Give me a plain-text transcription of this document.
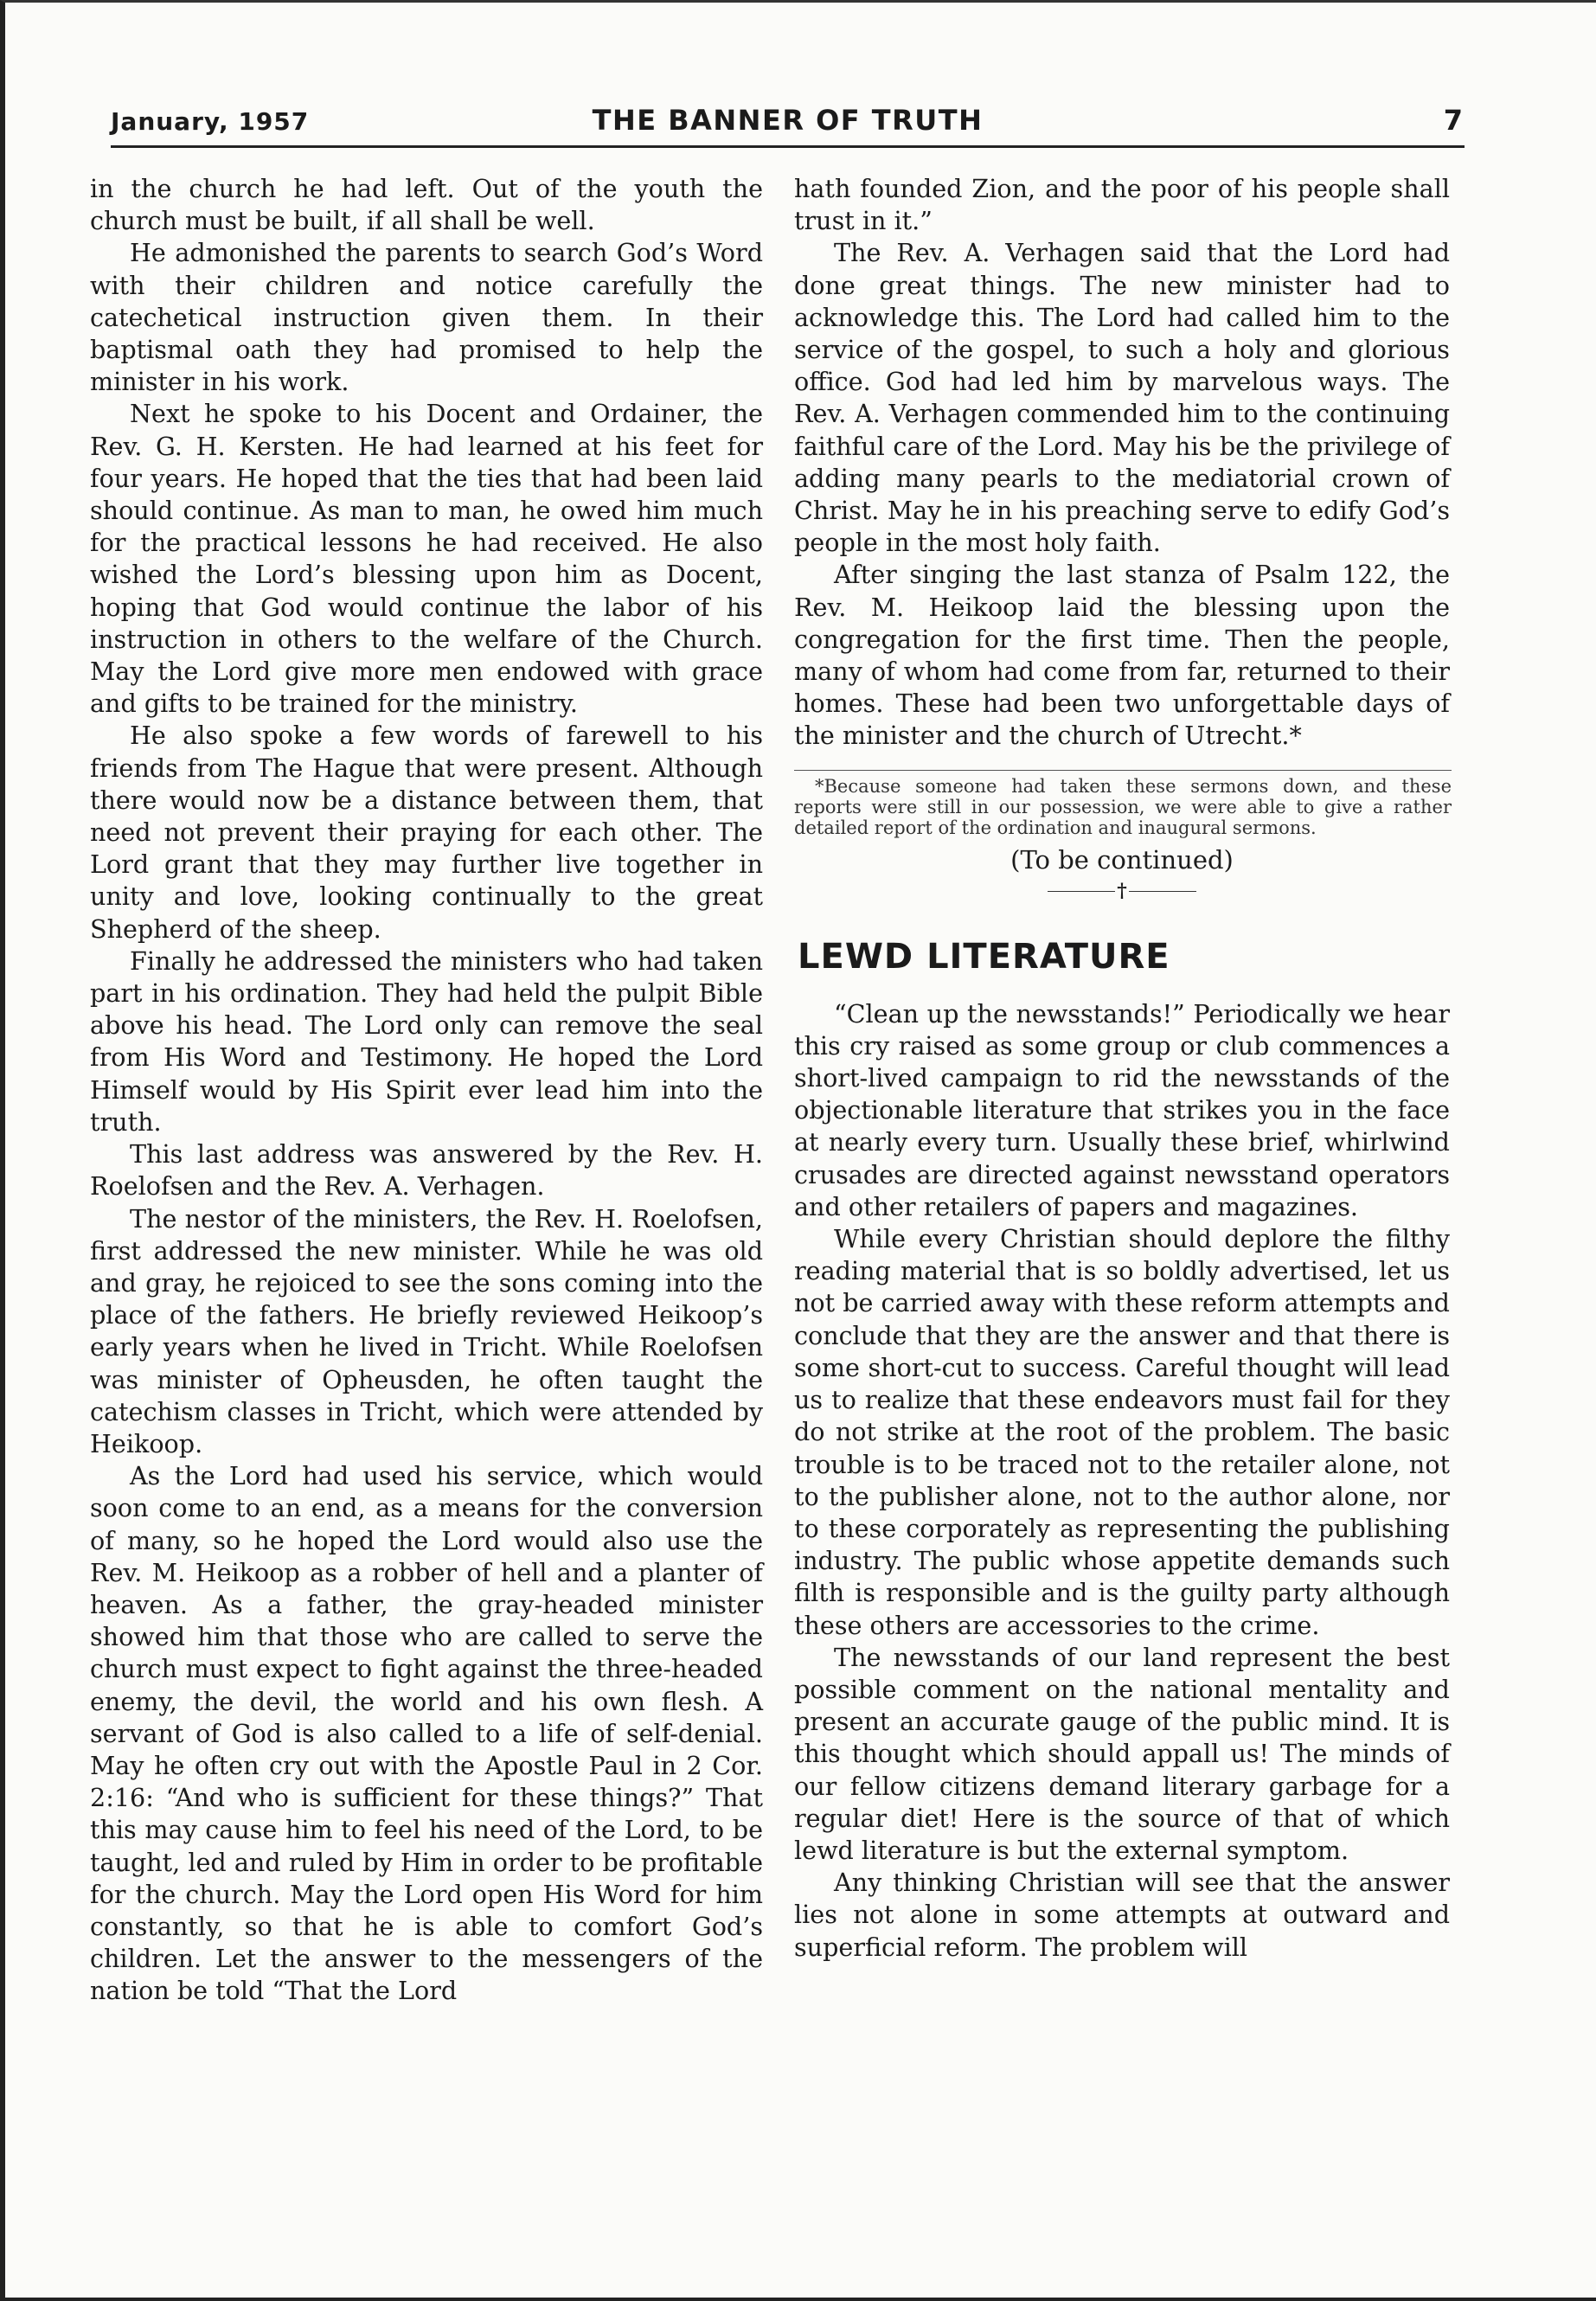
January, 1957	THE BANNER OF TRUTH	7

in the church he had left. Out of the youth the church must be built, if all shall be well.

He admonished the parents to search God’s Word with their children and notice carefully the catechetical instruction given them. In their baptismal oath they had promised to help the minister in his work.

Next he spoke to his Docent and Ordainer, the Rev. G. H. Kersten. He had learned at his feet for four years. He hoped that the ties that had been laid should continue. As man to man, he owed him much for the practical lessons he had received. He also wished the Lord’s blessing upon him as Docent, hoping that God would continue the labor of his instruction in others to the welfare of the Church. May the Lord give more men endowed with grace and gifts to be trained for the ministry.

He also spoke a few words of farewell to his friends from The Hague that were present. Although there would now be a distance between them, that need not prevent their praying for each other. The Lord grant that they may further live together in unity and love, looking continually to the great Shepherd of the sheep.

Finally he addressed the ministers who had taken part in his ordination. They had held the pulpit Bible above his head. The Lord only can remove the seal from His Word and Testimony. He hoped the Lord Himself would by His Spirit ever lead him into the truth.

This last address was answered by the Rev. H. Roelofsen and the Rev. A. Verhagen.

The nestor of the ministers, the Rev. H. Roelofsen, first addressed the new minister. While he was old and gray, he rejoiced to see the sons coming into the place of the fathers. He briefly reviewed Heikoop’s early years when he lived in Tricht. While Roelofsen was minister of Opheusden, he often taught the catechism classes in Tricht, which were attended by Heikoop.

As the Lord had used his service, which would soon come to an end, as a means for the conversion of many, so he hoped the Lord would also use the Rev. M. Heikoop as a robber of hell and a planter of heaven. As a father, the gray-headed minister showed him that those who are called to serve the church must expect to fight against the three-headed enemy, the devil, the world and his own flesh. A servant of God is also called to a life of self-denial. May he often cry out with the Apostle Paul in 2 Cor. 2:16: “And who is sufficient for these things?” That this may cause him to feel his need of the Lord, to be taught, led and ruled by Him in order to be profitable for the church. May the Lord open His Word for him constantly, so that he is able to comfort God’s children. Let the answer to the messengers of the nation be told “That the Lord

hath founded Zion, and the poor of his people shall trust in it.”

The Rev. A. Verhagen said that the Lord had done great things. The new minister had to acknowledge this. The Lord had called him to the service of the gospel, to such a holy and glorious office. God had led him by marvelous ways. The Rev. A. Verhagen commended him to the continuing faithful care of the Lord. May his be the privilege of adding many pearls to the mediatorial crown of Christ. May he in his preaching serve to edify God’s people in the most holy faith.

After singing the last stanza of Psalm 122, the Rev. M. Heikoop laid the blessing upon the congregation for the first time. Then the people, many of whom had come from far, returned to their homes. These had been two unforgettable days of the minister and the church of Utrecht.*

*Because someone had taken these sermons down, and these reports were still in our possession, we were able to give a rather detailed report of the ordination and inaugural sermons.
(To be continued)
†
LEWD LITERATURE

“Clean up the newsstands!” Periodically we hear this cry raised as some group or club commences a short-lived campaign to rid the newsstands of the objectionable literature that strikes you in the face at nearly every turn. Usually these brief, whirlwind crusades are directed against newsstand operators and other retailers of papers and magazines.

While every Christian should deplore the filthy reading material that is so boldly advertised, let us not be carried away with these reform attempts and conclude that they are the answer and that there is some short-cut to success. Careful thought will lead us to realize that these endeavors must fail for they do not strike at the root of the problem. The basic trouble is to be traced not to the retailer alone, not to the publisher alone, not to the author alone, nor to these corporately as representing the publishing industry. The public whose appetite demands such filth is responsible and is the guilty party although these others are accessories to the crime.

The newsstands of our land represent the best possible comment on the national mentality and present an accurate gauge of the public mind. It is this thought which should appall us! The minds of our fellow citizens demand literary garbage for a regular diet! Here is the source of that of which lewd literature is but the external symptom.

Any thinking Christian will see that the answer lies not alone in some attempts at outward and superficial reform. The problem will
